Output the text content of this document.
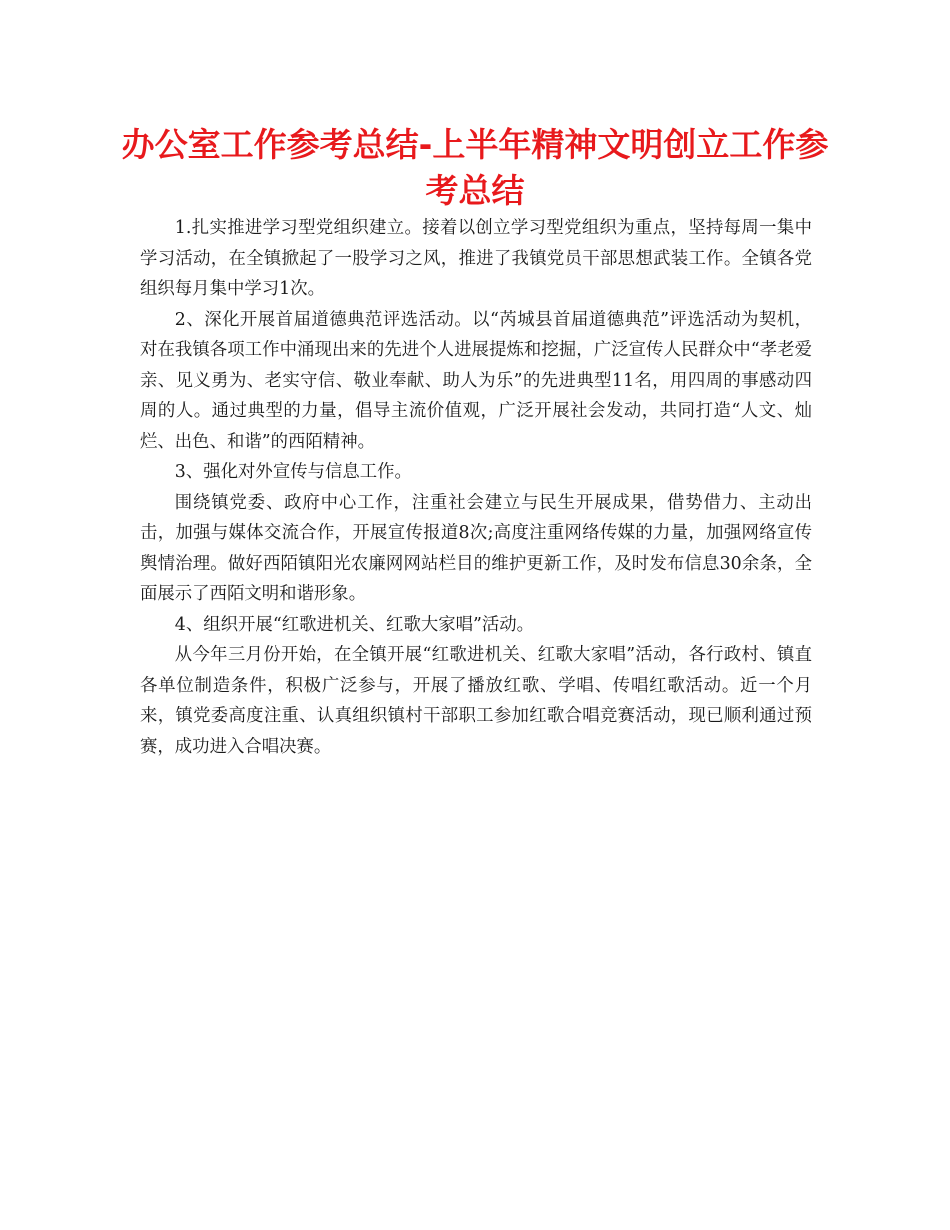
办公室工作参考总结-上半年精神文明创立工作参考总结

1.扎实推进学习型党组织建立。接着以创立学习型党组织为重点，坚持每周一集中学习活动，在全镇掀起了一股学习之风，推进了我镇党员干部思想武装工作。全镇各党组织每月集中学习1次。

2、深化开展首届道德典范评选活动。以“芮城县首届道德典范”评选活动为契机，对在我镇各项工作中涌现出来的先进个人进展提炼和挖掘，广泛宣传人民群众中“孝老爱亲、见义勇为、老实守信、敬业奉献、助人为乐”的先进典型11名，用四周的事感动四周的人。通过典型的力量，倡导主流价值观，广泛开展社会发动，共同打造“人文、灿烂、出色、和谐”的西陌精神。

3、强化对外宣传与信息工作。

围绕镇党委、政府中心工作，注重社会建立与民生开展成果，借势借力、主动出击，加强与媒体交流合作，开展宣传报道8次;高度注重网络传媒的力量，加强网络宣传舆情治理。做好西陌镇阳光农廉网网站栏目的维护更新工作，及时发布信息30余条，全面展示了西陌文明和谐形象。

4、组织开展“红歌进机关、红歌大家唱”活动。

从今年三月份开始，在全镇开展“红歌进机关、红歌大家唱”活动，各行政村、镇直各单位制造条件，积极广泛参与，开展了播放红歌、学唱、传唱红歌活动。近一个月来，镇党委高度注重、认真组织镇村干部职工参加红歌合唱竞赛活动，现已顺利通过预赛，成功进入合唱决赛。
